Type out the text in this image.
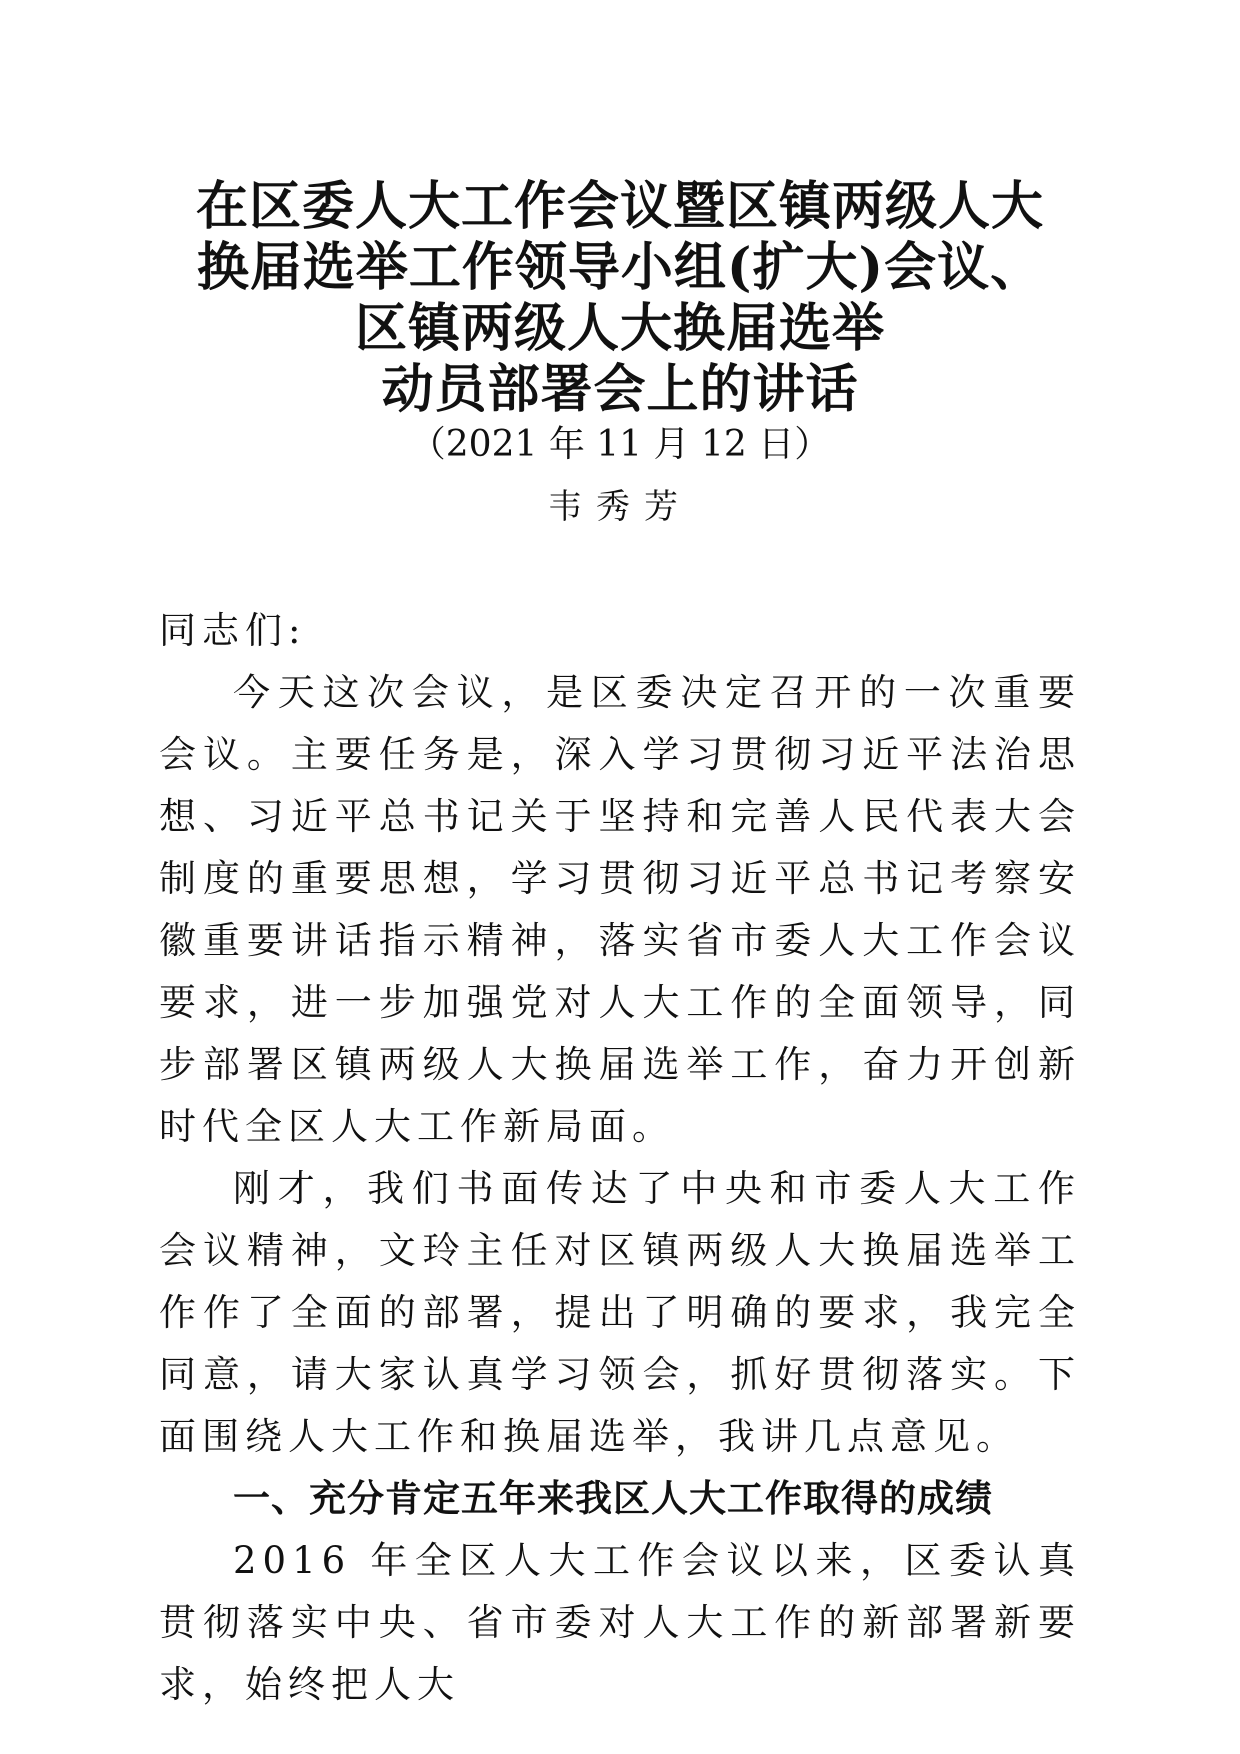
在区委人大工作会议暨区镇两级人大
换届选举工作领导小组(扩大)会议、
区镇两级人大换届选举
动员部署会上的讲话
（2021 年 11 月 12 日）
韦秀芳

同志们:

今天这次会议，是区委决定召开的一次重要会议。主要任务是，深入学习贯彻习近平法治思想、习近平总书记关于坚持和完善人民代表大会制度的重要思想，学习贯彻习近平总书记考察安徽重要讲话指示精神，落实省市委人大工作会议要求，进一步加强党对人大工作的全面领导，同步部署区镇两级人大换届选举工作，奋力开创新时代全区人大工作新局面。

刚才，我们书面传达了中央和市委人大工作会议精神，文玲主任对区镇两级人大换届选举工作作了全面的部署，提出了明确的要求，我完全同意，请大家认真学习领会，抓好贯彻落实。下面围绕人大工作和换届选举，我讲几点意见。

一、充分肯定五年来我区人大工作取得的成绩

2016 年全区人大工作会议以来，区委认真贯彻落实中央、省市委对人大工作的新部署新要求，始终把人大
